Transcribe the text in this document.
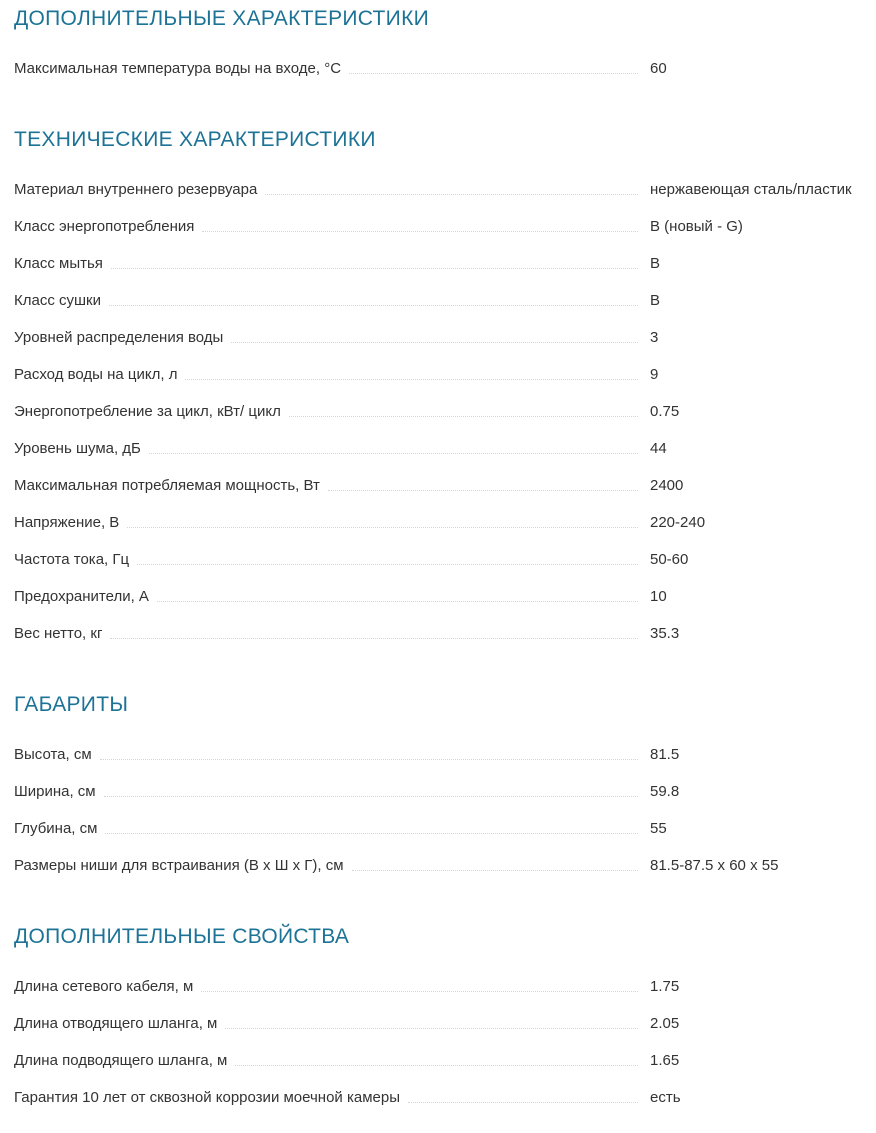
ДОПОЛНИТЕЛЬНЫЕ ХАРАКТЕРИСТИКИ
Максимальная температура воды на входе, °С	60
ТЕХНИЧЕСКИЕ ХАРАКТЕРИСТИКИ
Материал внутреннего резервуара	нержавеющая сталь/пластик
Класс энергопотребления	В (новый - G)
Класс мытья	В
Класс сушки	В
Уровней распределения воды	3
Расход воды на цикл, л	9
Энергопотребление за цикл, кВт/ цикл	0.75
Уровень шума, дБ	44
Максимальная потребляемая мощность, Вт	2400
Напряжение, В	220-240
Частота тока, Гц	50-60
Предохранители, А	10
Вес нетто, кг	35.3
ГАБАРИТЫ
Высота, см	81.5
Ширина, см	59.8
Глубина, см	55
Размеры ниши для встраивания (В х Ш х Г), см	81.5-87.5 х 60 х 55
ДОПОЛНИТЕЛЬНЫЕ СВОЙСТВА
Длина сетевого кабеля, м	1.75
Длина отводящего шланга, м	2.05
Длина подводящего шланга, м	1.65
Гарантия 10 лет от сквозной коррозии моечной камеры	есть
